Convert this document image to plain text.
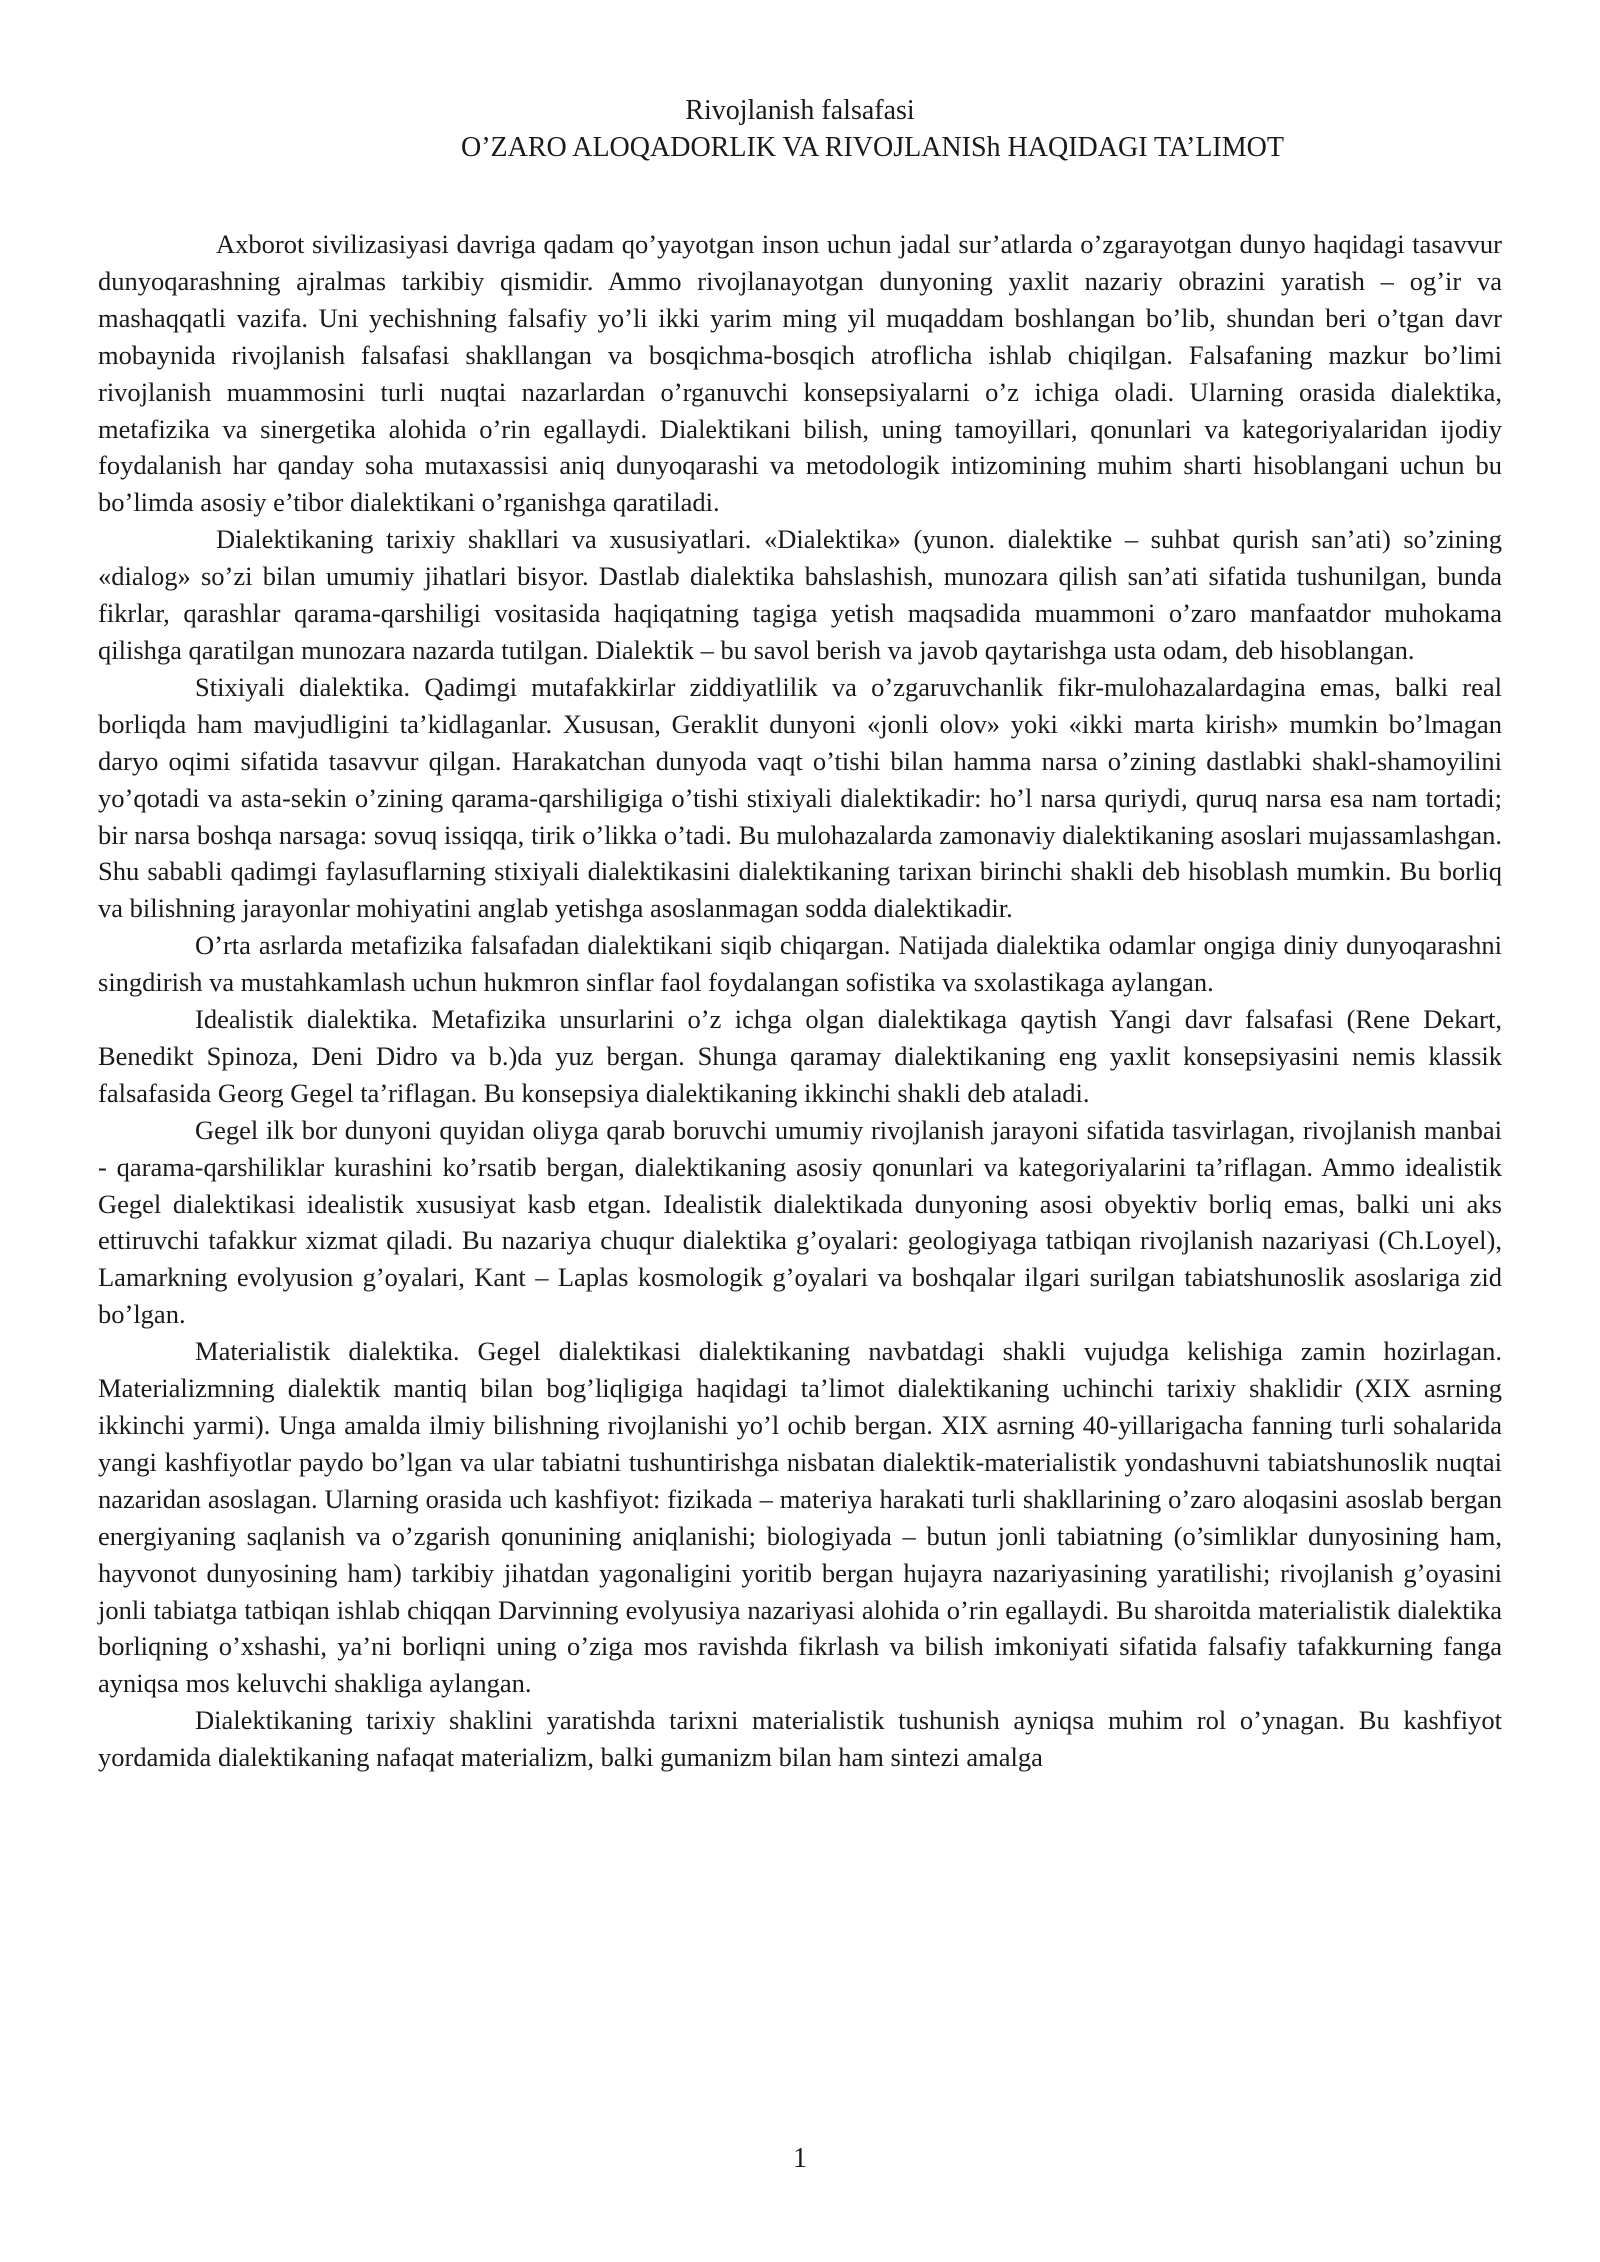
Rivojlanish falsafasi
O’ZARO ALOQADORLIK VA RIVOJLANISh HAQIDAGI TA’LIMOT

Axborot sivilizasiyasi davriga qadam qo’yayotgan inson uchun jadal sur’atlarda o’zgarayotgan dunyo haqidagi tasavvur dunyoqarashning ajralmas tarkibiy qismidir. Ammo rivojlanayotgan dunyoning yaxlit nazariy obrazini yaratish – og’ir va mashaqqatli vazifa. Uni yechishning falsafiy yo’li ikki yarim ming yil muqaddam boshlangan bo’lib, shundan beri o’tgan davr mobaynida rivojlanish falsafasi shakllangan va bosqichma-bosqich atroflicha ishlab chiqilgan. Falsafaning mazkur bo’limi rivojlanish muammosini turli nuqtai nazarlardan o’rganuvchi konsepsiyalarni o’z ichiga oladi. Ularning orasida dialektika, metafizika va sinergetika alohida o’rin egallaydi. Dialektikani bilish, uning tamoyillari, qonunlari va kategoriyalaridan ijodiy foydalanish har qanday soha mutaxassisi aniq dunyoqarashi va metodologik intizomining muhim sharti hisoblangani uchun bu bo’limda asosiy e’tibor dialektikani o’rganishga qaratiladi.

Dialektikaning tarixiy shakllari va xususiyatlari. «Dialektika» (yunon. dialektike – suhbat qurish san’ati) so’zining «dialog» so’zi bilan umumiy jihatlari bisyor. Dastlab dialektika bahslashish, munozara qilish san’ati sifatida tushunilgan, bunda fikrlar, qarashlar qarama-qarshiligi vositasida haqiqatning tagiga yetish maqsadida muammoni o’zaro manfaatdor muhokama qilishga qaratilgan munozara nazarda tutilgan. Dialektik – bu savol berish va javob qaytarishga usta odam, deb hisoblangan.

Stixiyali dialektika. Qadimgi mutafakkirlar ziddiyatlilik va o’zgaruvchanlik fikr-mulohazalardagina emas, balki real borliqda ham mavjudligini ta’kidlaganlar. Xususan, Geraklit dunyoni «jonli olov» yoki «ikki marta kirish» mumkin bo’lmagan daryo oqimi sifatida tasavvur qilgan. Harakatchan dunyoda vaqt o’tishi bilan hamma narsa o’zining dastlabki shakl-shamoyilini yo’qotadi va asta-sekin o’zining qarama-qarshiligiga o’tishi stixiyali dialektikadir: ho’l narsa quriydi, quruq narsa esa nam tortadi; bir narsa boshqa narsaga: sovuq issiqqa, tirik o’likka o’tadi. Bu mulohazalarda zamonaviy dialektikaning asoslari mujassamlashgan. Shu sababli qadimgi faylasuflarning stixiyali dialektikasini dialektikaning tarixan birinchi shakli deb hisoblash mumkin. Bu borliq va bilishning jarayonlar mohiyatini anglab yetishga asoslanmagan sodda dialektikadir.

O’rta asrlarda metafizika falsafadan dialektikani siqib chiqargan. Natijada dialektika odamlar ongiga diniy dunyoqarashni singdirish va mustahkamlash uchun hukmron sinflar faol foydalangan sofistika va sxolastikaga aylangan.

Idealistik dialektika. Metafizika unsurlarini o’z ichga olgan dialektikaga qaytish Yangi davr falsafasi (Rene Dekart, Benedikt Spinoza, Deni Didro va b.)da yuz bergan. Shunga qaramay dialektikaning eng yaxlit konsepsiyasini nemis klassik falsafasida Georg Gegel ta’riflagan. Bu konsepsiya dialektikaning ikkinchi shakli deb ataladi.

Gegel ilk bor dunyoni quyidan oliyga qarab boruvchi umumiy rivojlanish jarayoni sifatida tasvirlagan, rivojlanish manbai - qarama-qarshiliklar kurashini ko’rsatib bergan, dialektikaning asosiy qonunlari va kategoriyalarini ta’riflagan. Ammo idealistik Gegel dialektikasi idealistik xususiyat kasb etgan. Idealistik dialektikada dunyoning asosi obyektiv borliq emas, balki uni aks ettiruvchi tafakkur xizmat qiladi. Bu nazariya chuqur dialektika g’oyalari: geologiyaga tatbiqan rivojlanish nazariyasi (Ch.Loyel), Lamarkning evolyusion g’oyalari, Kant – Laplas kosmologik g’oyalari va boshqalar ilgari surilgan tabiatshunoslik asoslariga zid bo’lgan.

Materialistik dialektika. Gegel dialektikasi dialektikaning navbatdagi shakli vujudga kelishiga zamin hozirlagan. Materializmning dialektik mantiq bilan bog’liqligiga haqidagi ta’limot dialektikaning uchinchi tarixiy shaklidir (XIX asrning ikkinchi yarmi). Unga amalda ilmiy bilishning rivojlanishi yo’l ochib bergan. XIX asrning 40-yillarigacha fanning turli sohalarida yangi kashfiyotlar paydo bo’lgan va ular tabiatni tushuntirishga nisbatan dialektik-materialistik yondashuvni tabiatshunoslik nuqtai nazaridan asoslagan. Ularning orasida uch kashfiyot: fizikada – materiya harakati turli shakllarining o’zaro aloqasini asoslab bergan energiyaning saqlanish va o’zgarish qonunining aniqlanishi; biologiyada – butun jonli tabiatning (o’simliklar dunyosining ham, hayvonot dunyosining ham) tarkibiy jihatdan yagonaligini yoritib bergan hujayra nazariyasining yaratilishi; rivojlanish g’oyasini jonli tabiatga tatbiqan ishlab chiqqan Darvinning evolyusiya nazariyasi alohida o’rin egallaydi. Bu sharoitda materialistik dialektika borliqning o’xshashi, ya’ni borliqni uning o’ziga mos ravishda fikrlash va bilish imkoniyati sifatida falsafiy tafakkurning fanga ayniqsa mos keluvchi shakliga aylangan.

Dialektikaning tarixiy shaklini yaratishda tarixni materialistik tushunish ayniqsa muhim rol o’ynagan. Bu kashfiyot yordamida dialektikaning nafaqat materializm, balki gumanizm bilan ham sintezi amalga

1
